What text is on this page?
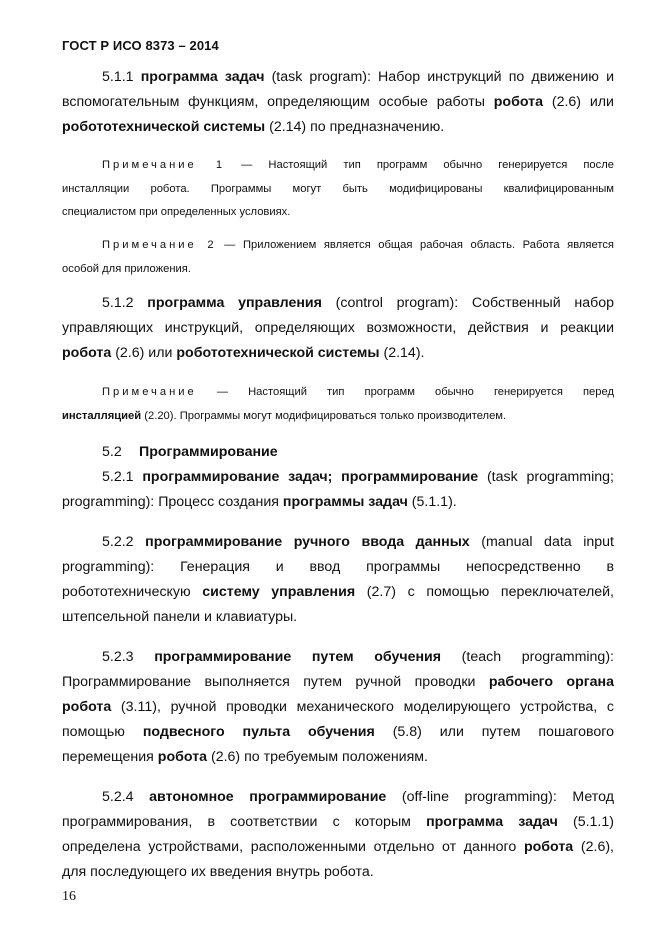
ГОСТ Р ИСО 8373 – 2014
5.1.1 программа задач (task program): Набор инструкций по движению и
вспомогательным функциям, определяющим особые работы робота (2.6) или
робототехнической системы (2.14) по предназначению.
Примечание 1 — Настоящий тип программ обычно генерируется после
инсталляции робота. Программы могут быть модифицированы квалифицированным
специалистом при определенных условиях.
Примечание 2 — Приложением является общая рабочая область. Работа является
особой для приложения.
5.1.2 программа управления (control program): Собственный набор
управляющих инструкций, определяющих возможности, действия и реакции
робота (2.6) или робототехнической системы (2.14).
Примечание — Настоящий тип программ обычно генерируется перед
инсталляцией (2.20). Программы могут модифицироваться только производителем.
5.2 Программирование
5.2.1 программирование задач; программирование (task programming;
programming): Процесс создания программы задач (5.1.1).
5.2.2 программирование ручного ввода данных (manual data input
programming): Генерация и ввод программы непосредственно в
робототехническую систему управления (2.7) с помощью переключателей,
штепсельной панели и клавиатуры.
5.2.3 программирование путем обучения (teach programming):
Программирование выполняется путем ручной проводки рабочего органа
робота (3.11), ручной проводки механического моделирующего устройства, с
помощью подвесного пульта обучения (5.8) или путем пошагового
перемещения робота (2.6) по требуемым положениям.
5.2.4 автономное программирование (off-line programming): Метод
программирования, в соответствии с которым программа задач (5.1.1)
определена устройствами, расположенными отдельно от данного робота (2.6),
для последующего их введения внутрь робота.
16
